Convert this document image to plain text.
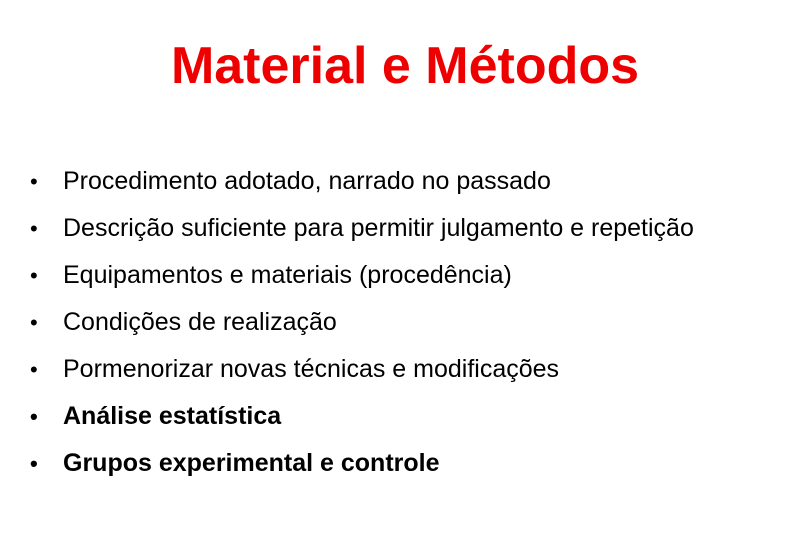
Material e Métodos
•	Procedimento adotado, narrado no passado
•	Descrição suficiente para permitir julgamento e repetição
•	Equipamentos e materiais (procedência)
•	Condições de realização
•	Pormenorizar novas técnicas e modificações
•	Análise estatística
•	Grupos experimental e controle
